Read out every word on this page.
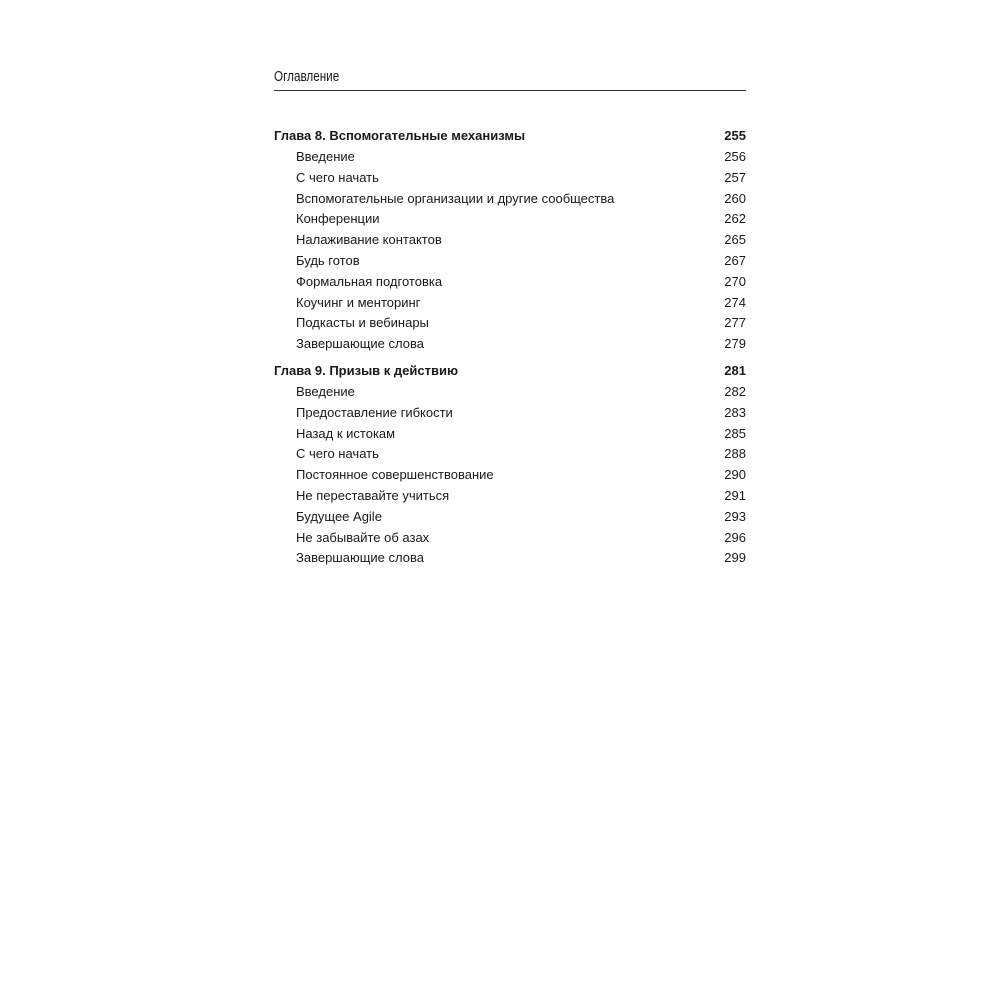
Оглавление
Глава 8. Вспомогательные механизмы	255
Введение	256
С чего начать	257
Вспомогательные организации и другие сообщества	260
Конференции	262
Налаживание контактов	265
Будь готов	267
Формальная подготовка	270
Коучинг и менторинг	274
Подкасты и вебинары	277
Завершающие слова	279
Глава 9. Призыв к действию	281
Введение	282
Предоставление гибкости	283
Назад к истокам	285
С чего начать	288
Постоянное совершенствование	290
Не переставайте учиться	291
Будущее Agile	293
Не забывайте об азах	296
Завершающие слова	299
